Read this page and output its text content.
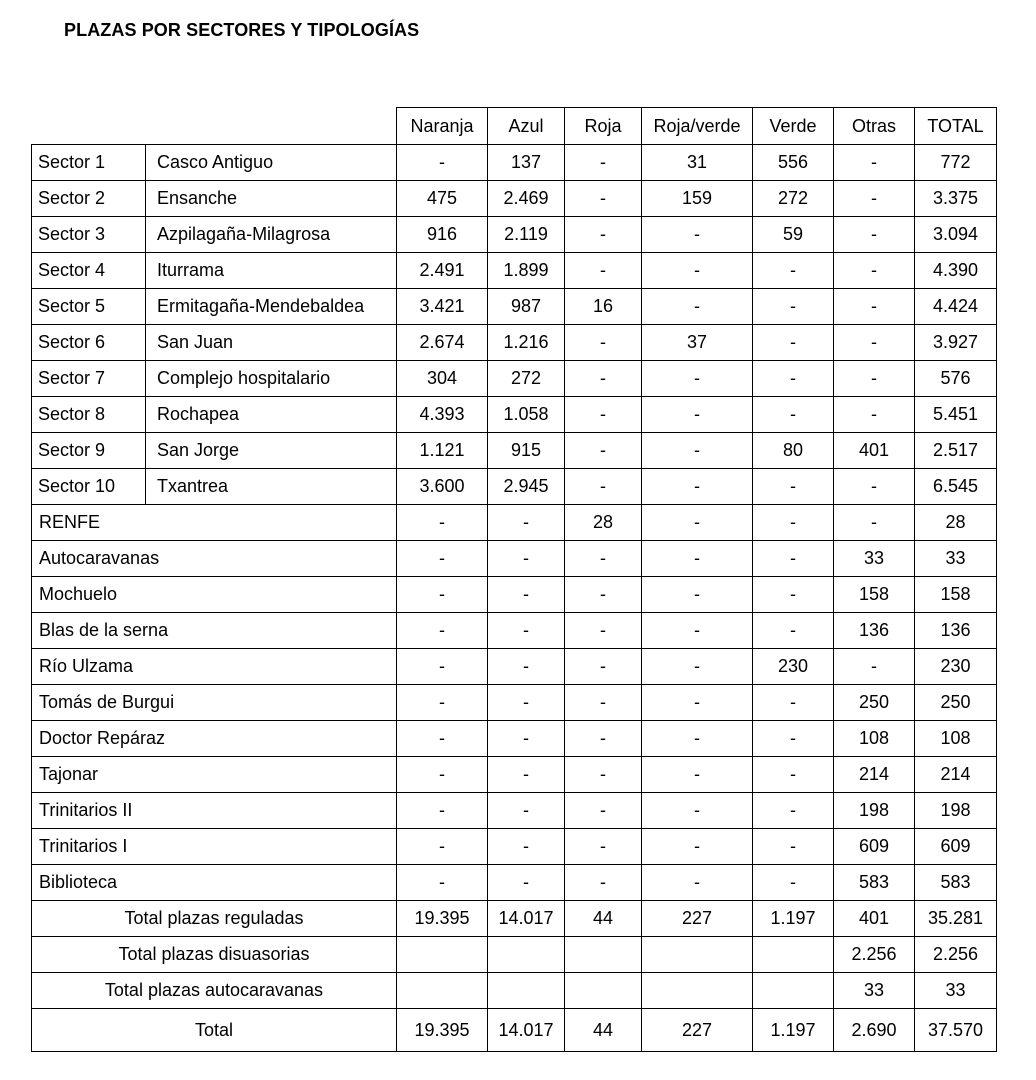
PLAZAS POR SECTORES Y TIPOLOGÍAS
		Naranja	Azul	Roja	Roja/verde	Verde	Otras	TOTAL
Sector 1	Casco Antiguo	-	137	-	31	556	-	772
Sector 2	Ensanche	475	2.469	-	159	272	-	3.375
Sector 3	Azpilagaña-Milagrosa	916	2.119	-	-	59	-	3.094
Sector 4	Iturrama	2.491	1.899	-	-	-	-	4.390
Sector 5	Ermitagaña-Mendebaldea	3.421	987	16	-	-	-	4.424
Sector 6	San Juan	2.674	1.216	-	37	-	-	3.927
Sector 7	Complejo hospitalario	304	272	-	-	-	-	576
Sector 8	Rochapea	4.393	1.058	-	-	-	-	5.451
Sector 9	San Jorge	1.121	915	-	-	80	401	2.517
Sector 10	Txantrea	3.600	2.945	-	-	-	-	6.545
RENFE		-	-	28	-	-	-	28
Autocaravanas		-	-	-	-	-	33	33
Mochuelo		-	-	-	-	-	158	158
Blas de la serna		-	-	-	-	-	136	136
Río Ulzama		-	-	-	-	230	-	230
Tomás de Burgui		-	-	-	-	-	250	250
Doctor Repáraz		-	-	-	-	-	108	108
Tajonar		-	-	-	-	-	214	214
Trinitarios II		-	-	-	-	-	198	198
Trinitarios I		-	-	-	-	-	609	609
Biblioteca		-	-	-	-	-	583	583
Total plazas reguladas		19.395	14.017	44	227	1.197	401	35.281
Total plazas disuasorias							2.256	2.256
Total plazas autocaravanas							33	33
Total		19.395	14.017	44	227	1.197	2.690	37.570
